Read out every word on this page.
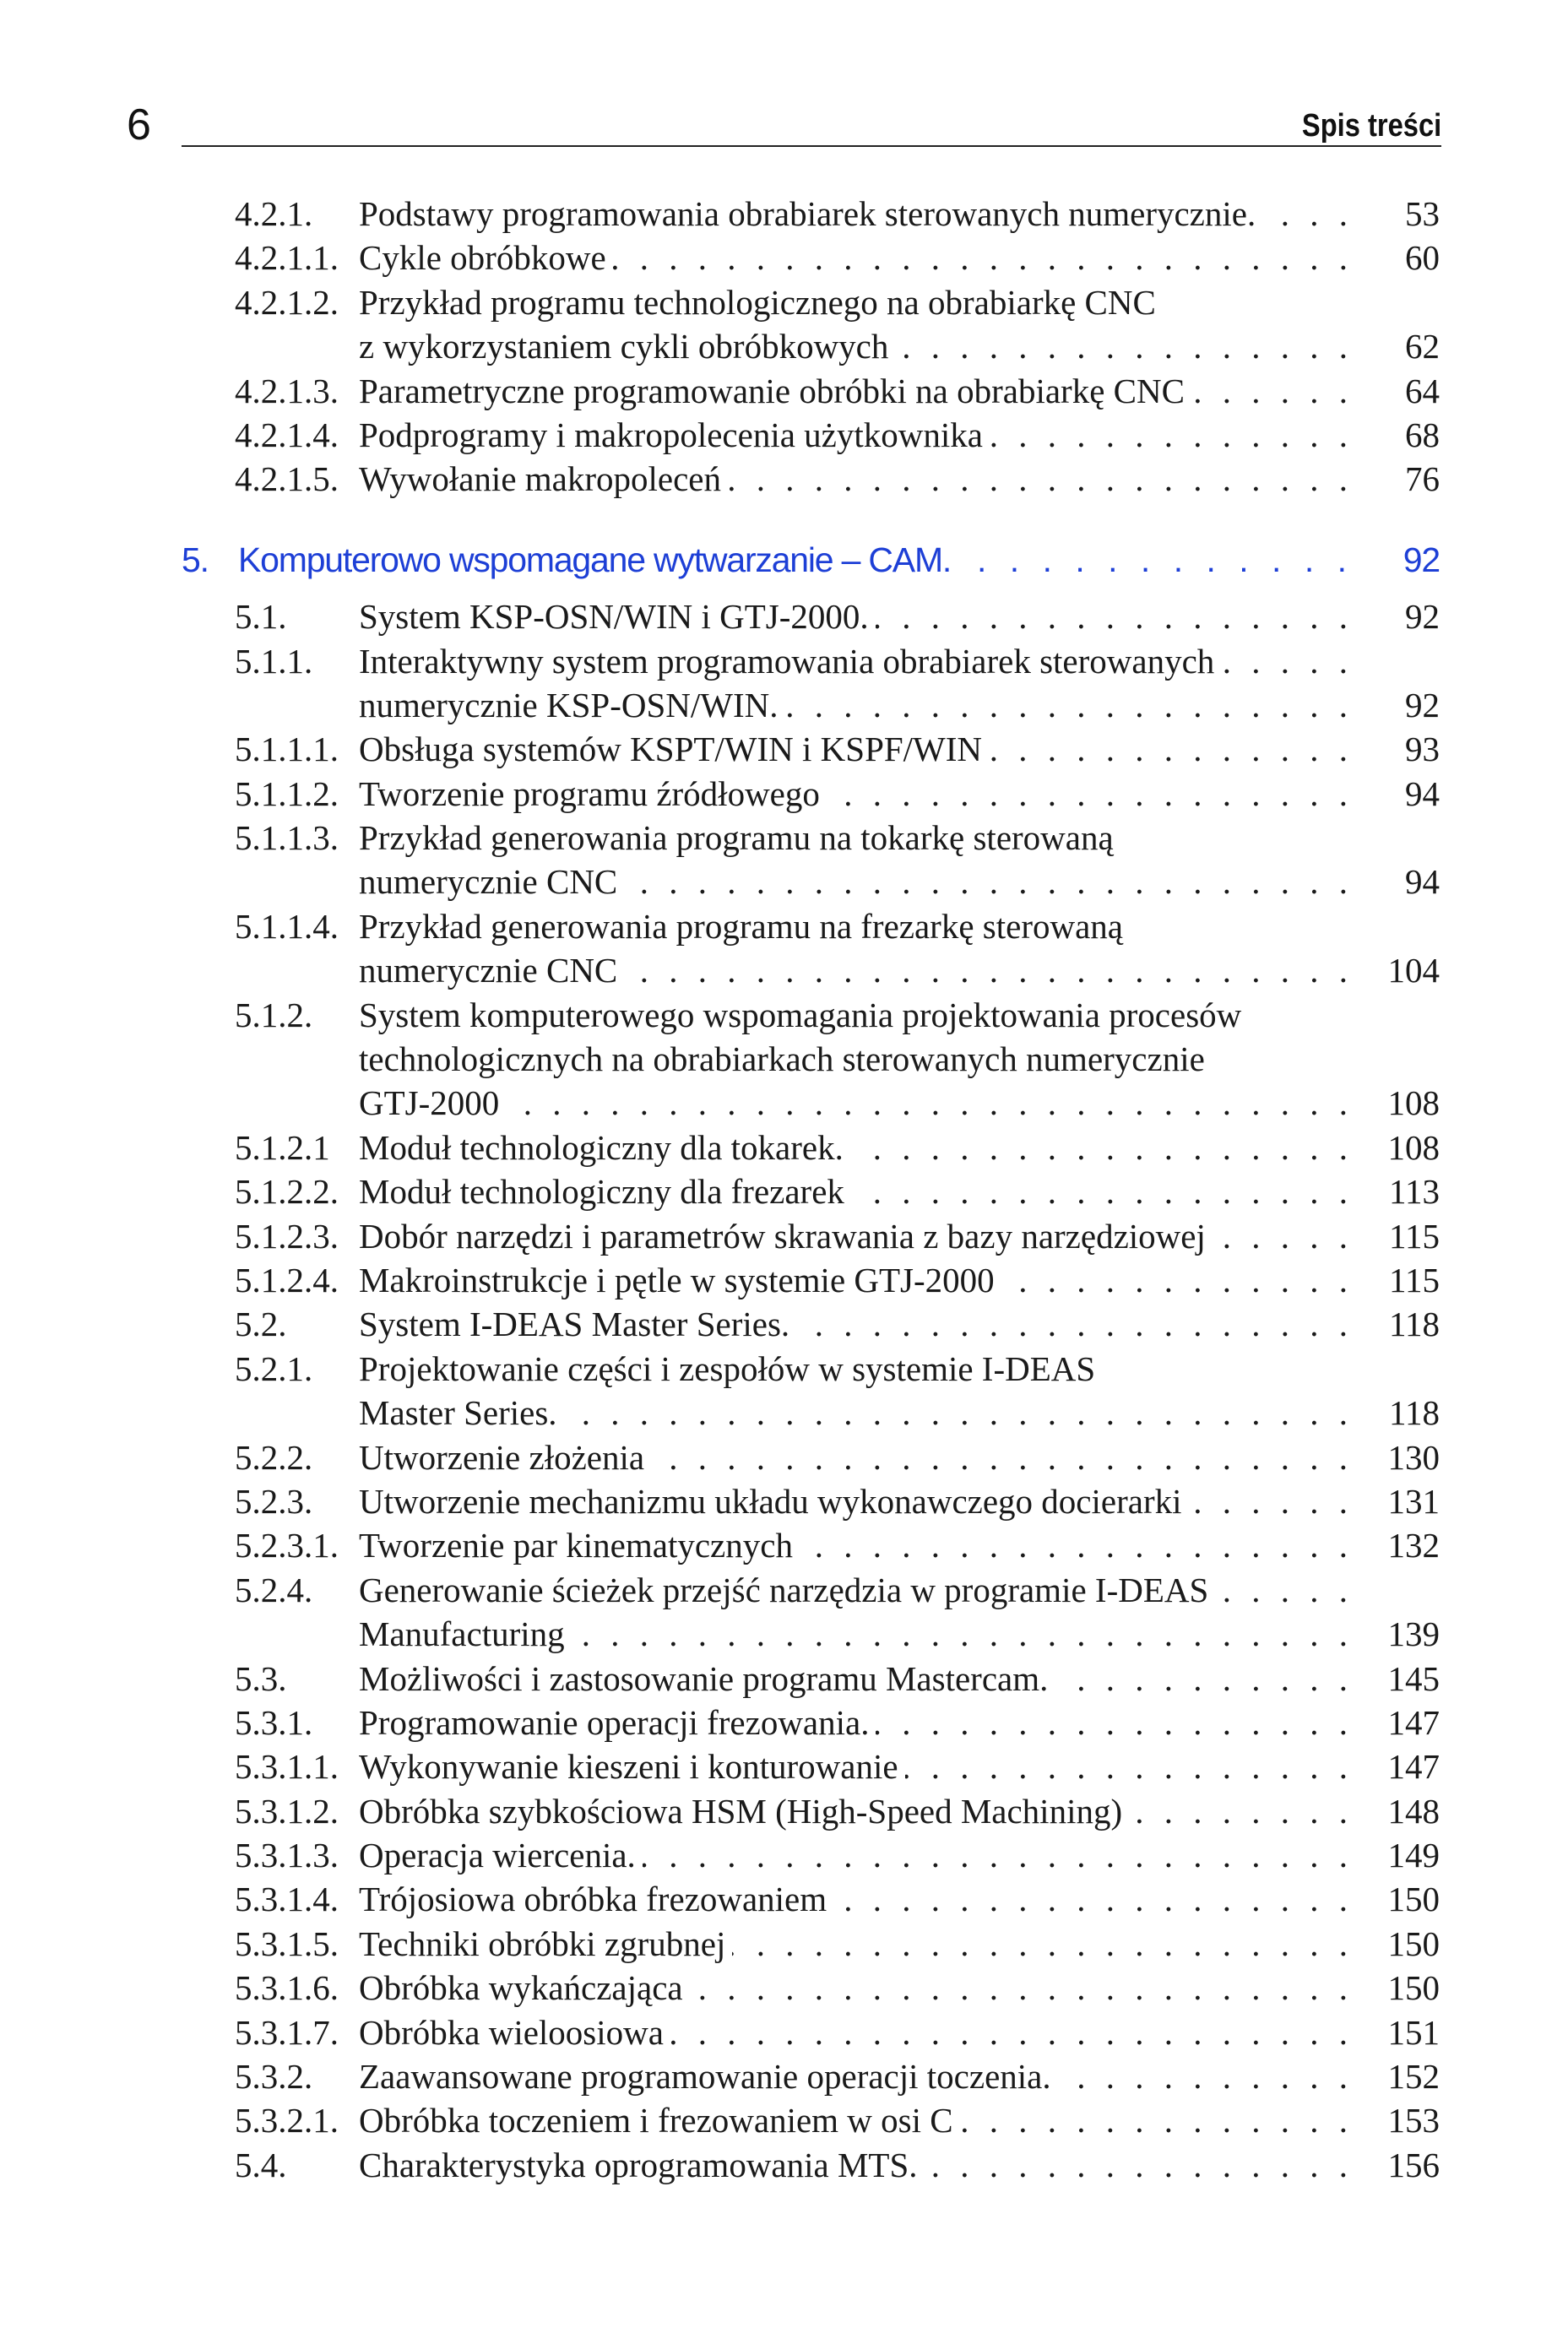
6	Spis treści
4.2.1. Podstawy programowania obrabiarek sterowanych numerycznie. . . .	53
4.2.1.1. Cykle obróbkowe . . .	60
4.2.1.2. Przykład programu technologicznego na obrabiarkę CNC
z wykorzystaniem cykli obróbkowych . . .	62
4.2.1.3. Parametryczne programowanie obróbki na obrabiarkę CNC . . .	64
4.2.1.4. Podprogramy i makropolecenia użytkownika . . .	68
4.2.1.5. Wywołanie makropoleceń . . .	76
5. Komputerowo wspomagane wytwarzanie – CAM. . . .	92
5.1. System KSP-OSN/WIN i GTJ-2000. . . .	92
5.1.1. Interaktywny system programowania obrabiarek sterowanych
. . .
numerycznie KSP-OSN/WIN. . . .	92
5.1.1.1. Obsługa systemów KSPT/WIN i KSPF/WIN . . .	93
5.1.1.2. Tworzenie programu źródłowego . . .	94
5.1.1.3. Przykład generowania programu na tokarkę sterowaną
numerycznie CNC . . .	94
5.1.1.4. Przykład generowania programu na frezarkę sterowaną
numerycznie CNC . . .	104
5.1.2. System komputerowego wspomagania projektowania procesów
technologicznych na obrabiarkach sterowanych numerycznie
GTJ-2000 . . .	108
5.1.2.1 Moduł technologiczny dla tokarek. . . .	108
5.1.2.2. Moduł technologiczny dla frezarek . . .	113
5.1.2.3. Dobór narzędzi i parametrów skrawania z bazy narzędziowej . . .	115
5.1.2.4. Makroinstrukcje i pętle w systemie GTJ-2000 . . .	115
5.2. System I-DEAS Master Series. . . .	118
5.2.1. Projektowanie części i zespołów w systemie I-DEAS
Master Series. . . .	118
5.2.2. Utworzenie złożenia . . .	130
5.2.3. Utworzenie mechanizmu układu wykonawczego docierarki . . .	131
5.2.3.1. Tworzenie par kinematycznych . . .	132
5.2.4. Generowanie ścieżek przejść narzędzia w programie I-DEAS
. . .
Manufacturing . . .	139
5.3. Możliwości i zastosowanie programu Mastercam. . . .	145
5.3.1. Programowanie operacji frezowania. . . .	147
5.3.1.1. Wykonywanie kieszeni i konturowanie . . .	147
5.3.1.2. Obróbka szybkościowa HSM (High-Speed Machining) . . .	148
5.3.1.3. Operacja wiercenia. . . .	149
5.3.1.4. Trójosiowa obróbka frezowaniem . . .	150
5.3.1.5. Techniki obróbki zgrubnej . . .	150
5.3.1.6. Obróbka wykańczająca . . .	150
5.3.1.7. Obróbka wieloosiowa . . .	151
5.3.2. Zaawansowane programowanie operacji toczenia. . . .	152
5.3.2.1. Obróbka toczeniem i frezowaniem w osi C . . .	153
5.4. Charakterystyka oprogramowania MTS. . . .	156
